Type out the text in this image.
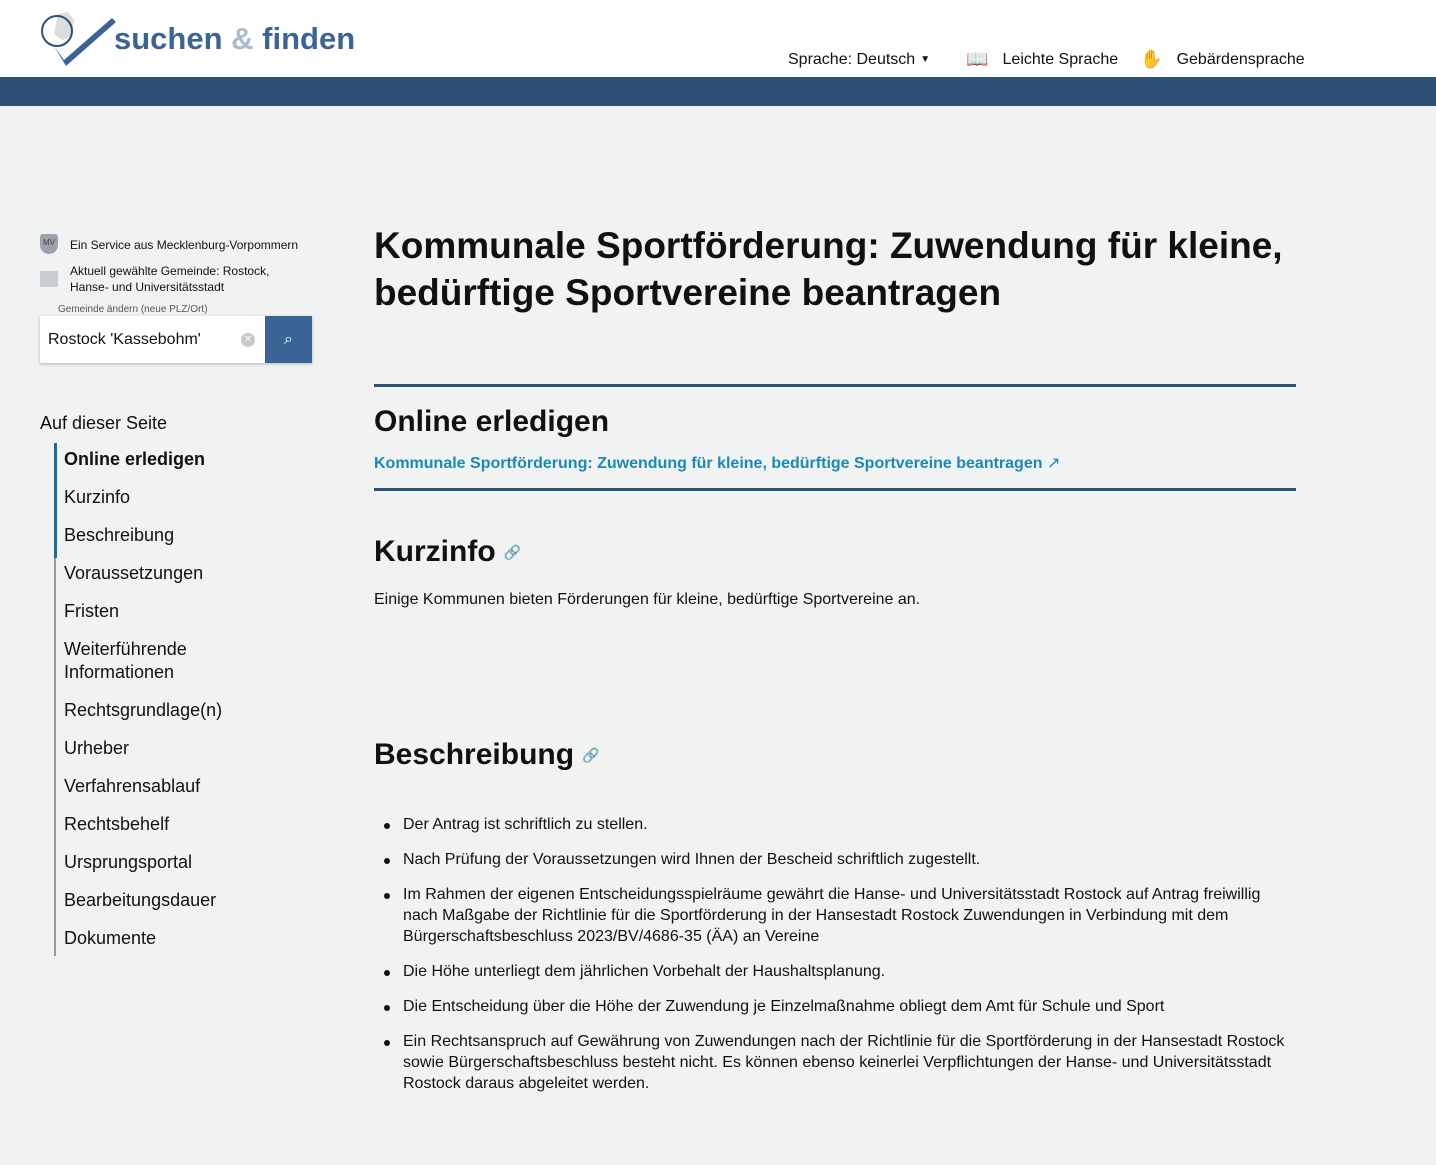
suchen & finden
Sprache: Deutsch ▼ 📖 Leichte Sprache ✋ Gebärdensprache
MV Ein Service aus Mecklenburg-Vorpommern
Aktuell gewählte Gemeinde: Rostock, Hanse- und Universitätsstadt
Gemeinde ändern (neue PLZ/Ort)
Rostock 'Kassebohm'	✕ ⌕
Auf dieser Seite
Online erledigen
Kurzinfo
Beschreibung
Voraussetzungen
Fristen
Weiterführende Informationen
Rechtsgrundlage(n)
Urheber
Verfahrensablauf
Rechtsbehelf
Ursprungsportal
Bearbeitungsdauer
Dokumente
Kommunale Sportförderung: Zuwendung für kleine, bedürftige Sportvereine beantragen
Online erledigen
Kommunale Sportförderung: Zuwendung für kleine, bedürftige Sportvereine beantragen ↗
Kurzinfo 🔗

Einige Kommunen bieten Förderungen für kleine, bedürftige Sportvereine an.

Beschreibung 🔗
Der Antrag ist schriftlich zu stellen.
Nach Prüfung der Voraussetzungen wird Ihnen der Bescheid schriftlich zugestellt.
Im Rahmen der eigenen Entscheidungsspielräume gewährt die Hanse- und Universitätsstadt Rostock auf Antrag freiwillig nach Maßgabe der Richtlinie für die Sportförderung in der Hansestadt Rostock Zuwendungen in Verbindung mit dem Bürgerschaftsbeschluss 2023/BV/4686-35 (ÄA) an Vereine
Die Höhe unterliegt dem jährlichen Vorbehalt der Haushaltsplanung.
Die Entscheidung über die Höhe der Zuwendung je Einzelmaßnahme obliegt dem Amt für Schule und Sport
Ein Rechtsanspruch auf Gewährung von Zuwendungen nach der Richtlinie für die Sportförderung in der Hansestadt Rostock sowie Bürgerschaftsbeschluss besteht nicht. Es können ebenso keinerlei Verpflichtungen der Hanse- und Universitätsstadt Rostock daraus abgeleitet werden.
